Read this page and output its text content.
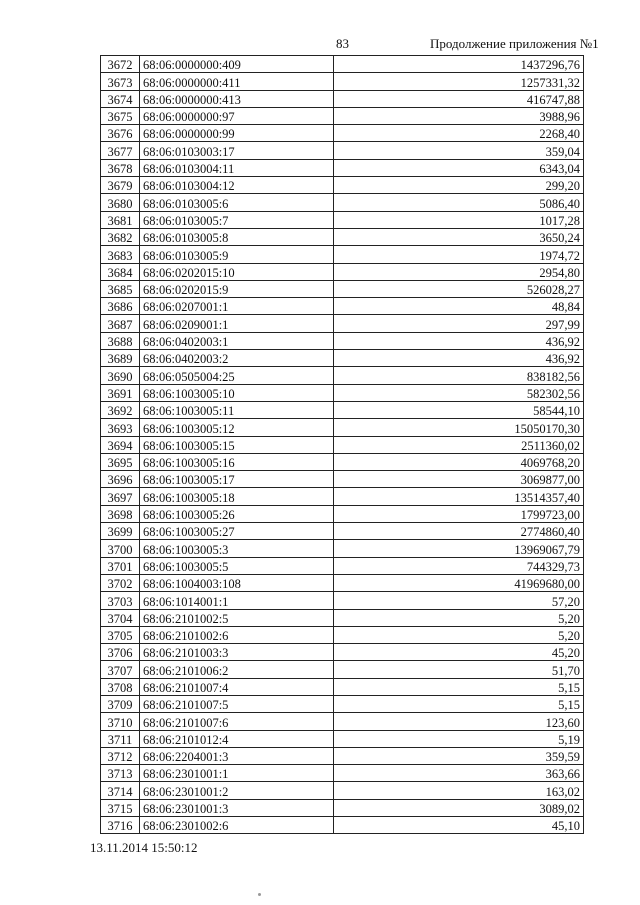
83	Продолжение приложения №1
3672	68:06:0000000:409	1437296,76
3673	68:06:0000000:411	1257331,32
3674	68:06:0000000:413	416747,88
3675	68:06:0000000:97	3988,96
3676	68:06:0000000:99	2268,40
3677	68:06:0103003:17	359,04
3678	68:06:0103004:11	6343,04
3679	68:06:0103004:12	299,20
3680	68:06:0103005:6	5086,40
3681	68:06:0103005:7	1017,28
3682	68:06:0103005:8	3650,24
3683	68:06:0103005:9	1974,72
3684	68:06:0202015:10	2954,80
3685	68:06:0202015:9	526028,27
3686	68:06:0207001:1	48,84
3687	68:06:0209001:1	297,99
3688	68:06:0402003:1	436,92
3689	68:06:0402003:2	436,92
3690	68:06:0505004:25	838182,56
3691	68:06:1003005:10	582302,56
3692	68:06:1003005:11	58544,10
3693	68:06:1003005:12	15050170,30
3694	68:06:1003005:15	2511360,02
3695	68:06:1003005:16	4069768,20
3696	68:06:1003005:17	3069877,00
3697	68:06:1003005:18	13514357,40
3698	68:06:1003005:26	1799723,00
3699	68:06:1003005:27	2774860,40
3700	68:06:1003005:3	13969067,79
3701	68:06:1003005:5	744329,73
3702	68:06:1004003:108	41969680,00
3703	68:06:1014001:1	57,20
3704	68:06:2101002:5	5,20
3705	68:06:2101002:6	5,20
3706	68:06:2101003:3	45,20
3707	68:06:2101006:2	51,70
3708	68:06:2101007:4	5,15
3709	68:06:2101007:5	5,15
3710	68:06:2101007:6	123,60
3711	68:06:2101012:4	5,19
3712	68:06:2204001:3	359,59
3713	68:06:2301001:1	363,66
3714	68:06:2301001:2	163,02
3715	68:06:2301001:3	3089,02
3716	68:06:2301002:6	45,10
13.11.2014 15:50:12
